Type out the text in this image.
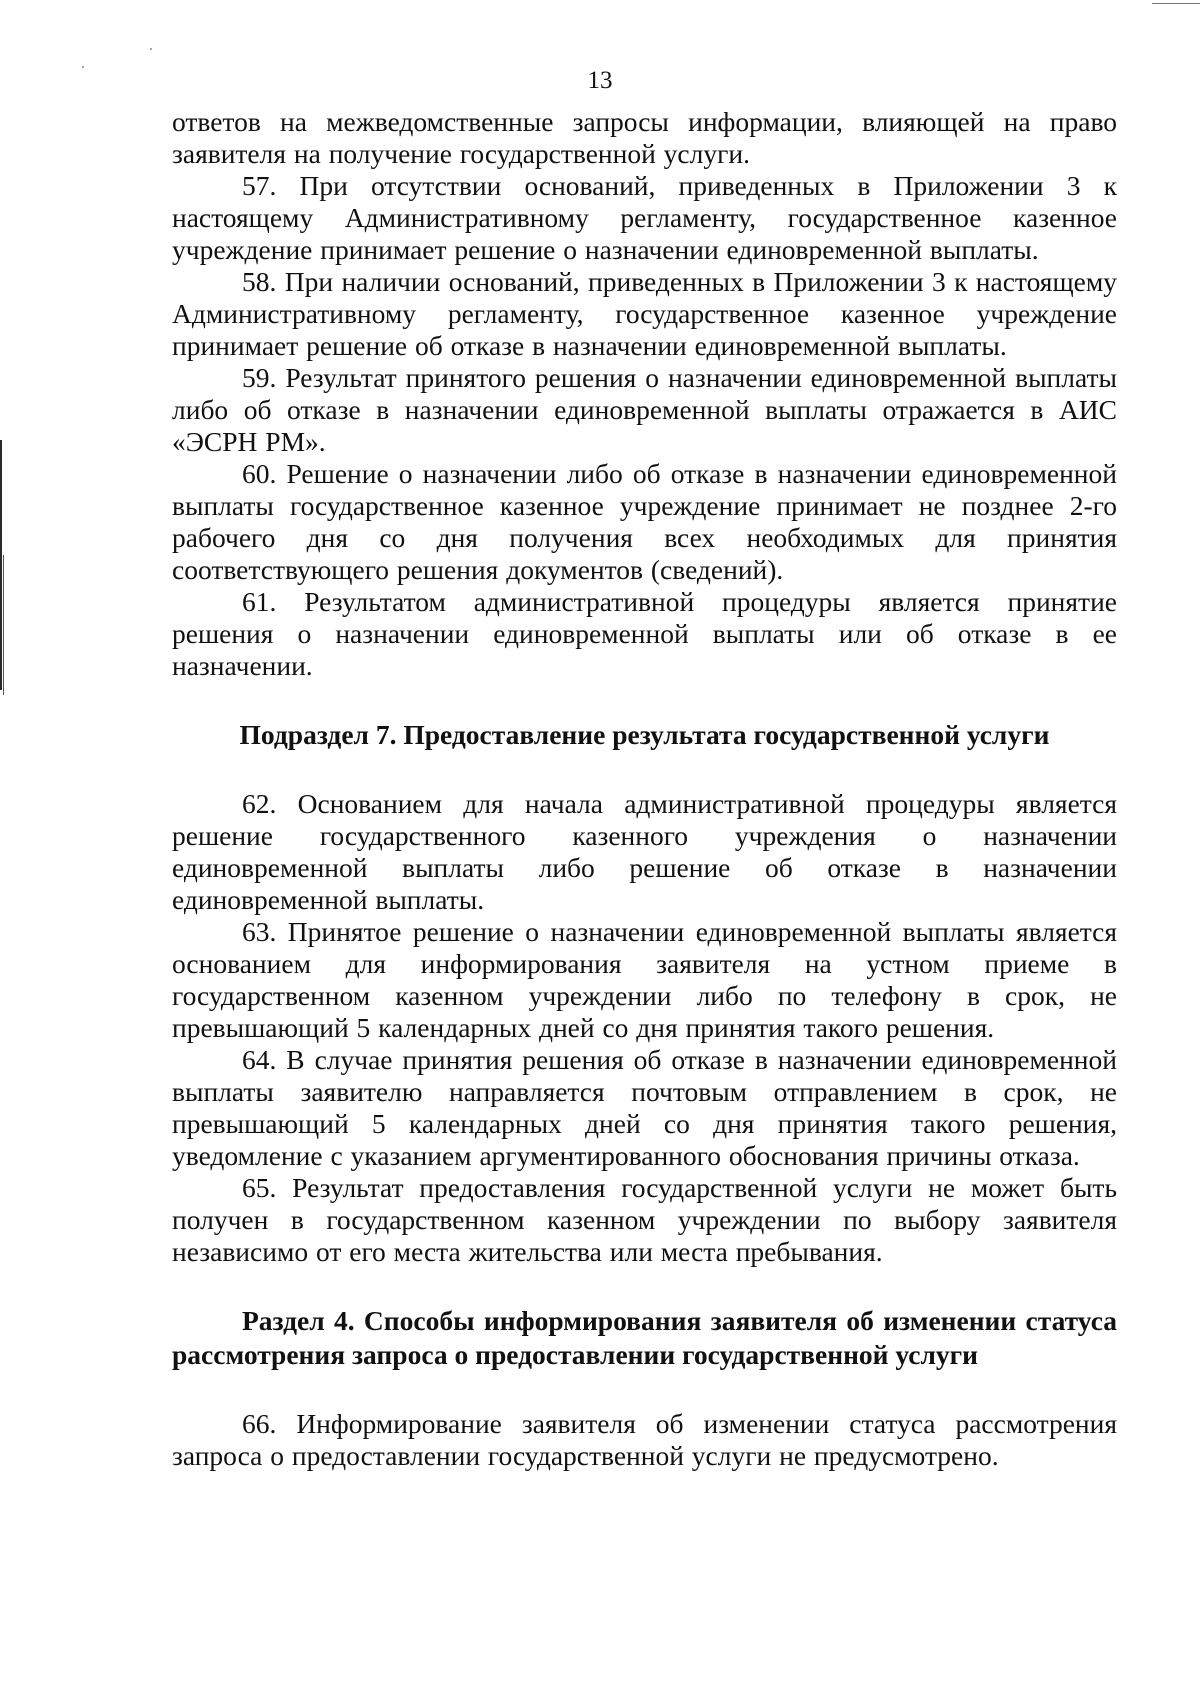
13

ответов на межведомственные запросы информации, влияющей на право заявителя на получение государственной услуги.

57. При отсутствии оснований, приведенных в Приложении 3 к настоящему Административному регламенту, государственное казенное учреждение принимает решение о назначении единовременной выплаты.

58. При наличии оснований, приведенных в Приложении 3 к настоящему Административному регламенту, государственное казенное учреждение принимает решение об отказе в назначении единовременной выплаты.

59. Результат принятого решения о назначении единовременной выплаты либо об отказе в назначении единовременной выплаты отражается в АИС «ЭСРН РМ».

60. Решение о назначении либо об отказе в назначении единовременной выплаты государственное казенное учреждение принимает не позднее 2-го рабочего дня со дня получения всех необходимых для принятия соответствующего решения документов (сведений).

61. Результатом административной процедуры является принятие решения о назначении единовременной выплаты или об отказе в ее назначении.

Подраздел 7. Предоставление результата государственной услуги

62. Основанием для начала административной процедуры является решение государственного казенного учреждения о назначении единовременной выплаты либо решение об отказе в назначении единовременной выплаты.

63. Принятое решение о назначении единовременной выплаты является основанием для информирования заявителя на устном приеме в государственном казенном учреждении либо по телефону в срок, не превышающий 5 календарных дней со дня принятия такого решения.

64. В случае принятия решения об отказе в назначении единовременной выплаты заявителю направляется почтовым отправлением в срок, не превышающий 5 календарных дней со дня принятия такого решения, уведомление с указанием аргументированного обоснования причины отказа.

65. Результат предоставления государственной услуги не может быть получен в государственном казенном учреждении по выбору заявителя независимо от его места жительства или места пребывания.

Раздел 4. Способы информирования заявителя об изменении статуса рассмотрения запроса о предоставлении государственной услуги

66. Информирование заявителя об изменении статуса рассмотрения запроса о предоставлении государственной услуги не предусмотрено.
